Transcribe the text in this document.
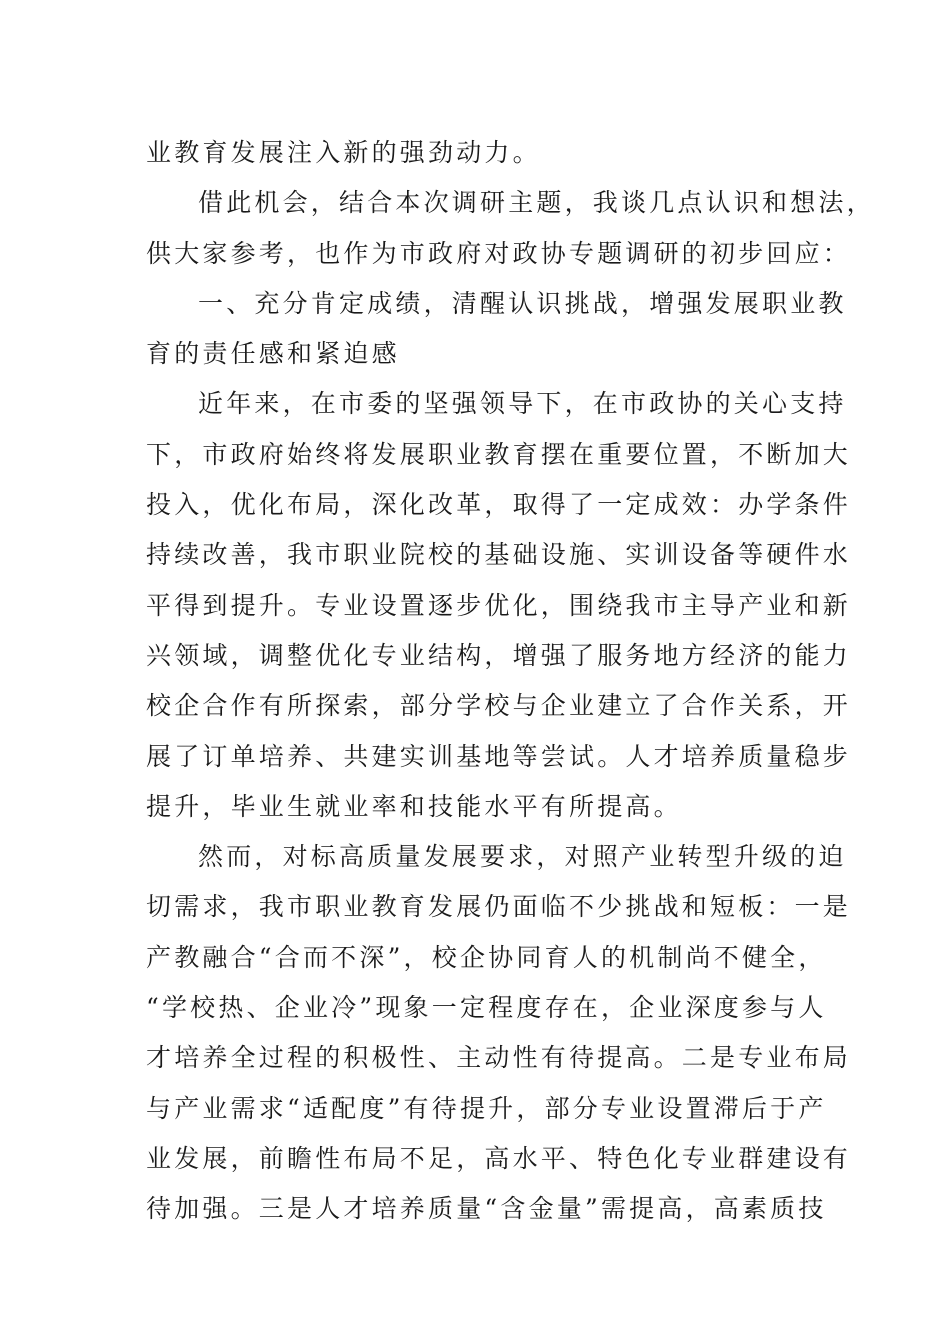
业教育发展注入新的强劲动力。
借此机会，结合本次调研主题，我谈几点认识和想法，
供大家参考，也作为市政府对政协专题调研的初步回应：
一、充分肯定成绩，清醒认识挑战，增强发展职业教
育的责任感和紧迫感
近年来，在市委的坚强领导下，在市政协的关心支持
下，市政府始终将发展职业教育摆在重要位置，不断加大
投入，优化布局，深化改革，取得了一定成效：办学条件
持续改善，我市职业院校的基础设施、实训设备等硬件水
平得到提升。专业设置逐步优化，围绕我市主导产业和新
兴领域，调整优化专业结构，增强了服务地方经济的能力
校企合作有所探索，部分学校与企业建立了合作关系，开
展了订单培养、共建实训基地等尝试。人才培养质量稳步
提升，毕业生就业率和技能水平有所提高。
然而，对标高质量发展要求，对照产业转型升级的迫
切需求，我市职业教育发展仍面临不少挑战和短板：一是
产教融合“合而不深”，校企协同育人的机制尚不健全，
“学校热、企业冷”现象一定程度存在，企业深度参与人
才培养全过程的积极性、主动性有待提高。二是专业布局
与产业需求“适配度”有待提升，部分专业设置滞后于产
业发展，前瞻性布局不足，高水平、特色化专业群建设有
待加强。三是人才培养质量“含金量”需提高，高素质技
